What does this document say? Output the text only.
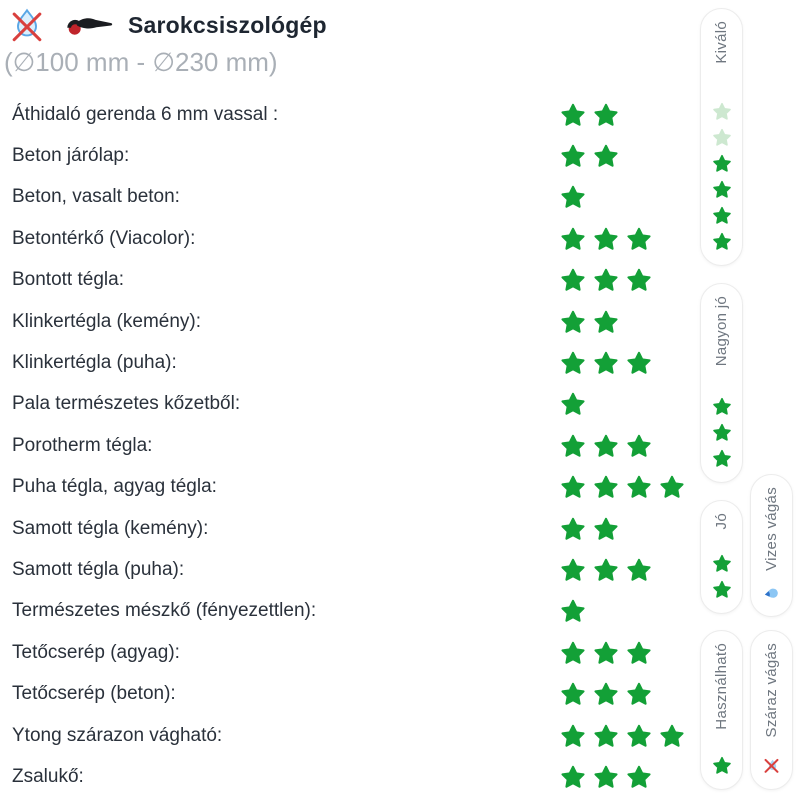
Sarokcsiszológép
(∅100 mm - ∅230 mm)
Áthidaló gerenda 6 mm vassal :
Beton járólap:
Beton, vasalt beton:
Betontérkő (Viacolor):
Bontott tégla:
Klinkertégla (kemény):
Klinkertégla (puha):
Pala természetes kőzetből:
Porotherm tégla:
Puha tégla, agyag tégla:
Samott tégla (kemény):
Samott tégla (puha):
Természetes mészkő (fényezettlen):
Tetőcserép (agyag):
Tetőcserép (beton):
Ytong szárazon vágható:
Zsalukő:
Kiváló
Nagyon jó
Jó
Használható
Vizes vágás
Száraz vágás
